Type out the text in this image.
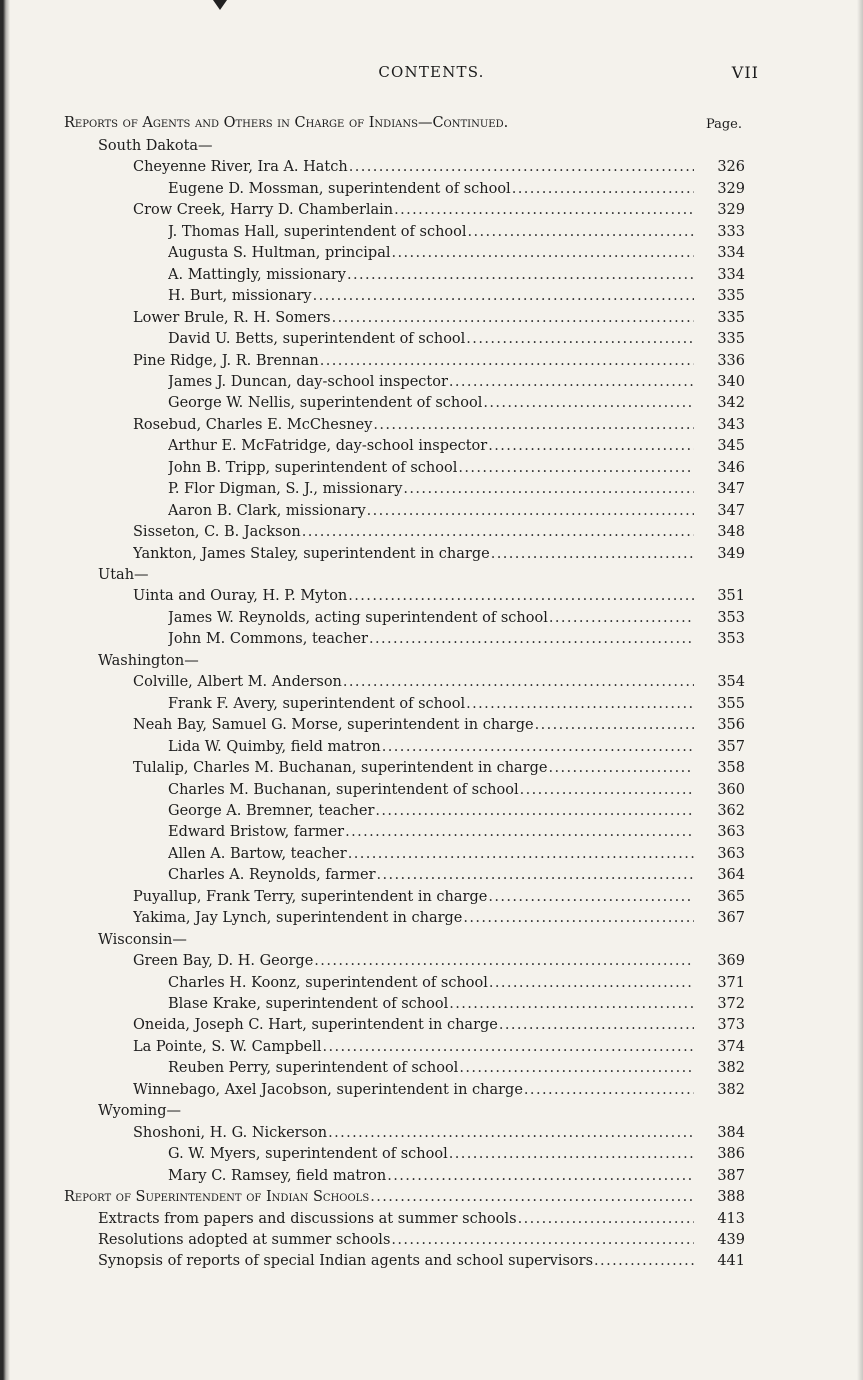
CONTENTS.	VII
Reports of Agents and Others in Charge of Indians—Continued.	Page.
South Dakota—
Cheyenne River, Ira A. Hatch .....	326
Eugene D. Mossman, superintendent of school .....	329
Crow Creek, Harry D. Chamberlain .....	329
J. Thomas Hall, superintendent of school .....	333
Augusta S. Hultman, principal .....	334
A. Mattingly, missionary .....	334
H. Burt, missionary .....	335
Lower Brule, R. H. Somers .....	335
David U. Betts, superintendent of school .....	335
Pine Ridge, J. R. Brennan .....	336
James J. Duncan, day-school inspector .....	340
George W. Nellis, superintendent of school .....	342
Rosebud, Charles E. McChesney .....	343
Arthur E. McFatridge, day-school inspector .....	345
John B. Tripp, superintendent of school .....	346
P. Flor Digman, S. J., missionary .....	347
Aaron B. Clark, missionary .....	347
Sisseton, C. B. Jackson .....	348
Yankton, James Staley, superintendent in charge .....	349
Utah—
Uinta and Ouray, H. P. Myton .....	351
James W. Reynolds, acting superintendent of school .....	353
John M. Commons, teacher .....	353
Washington—
Colville, Albert M. Anderson .....	354
Frank F. Avery, superintendent of school .....	355
Neah Bay, Samuel G. Morse, superintendent in charge .....	356
Lida W. Quimby, field matron .....	357
Tulalip, Charles M. Buchanan, superintendent in charge .....	358
Charles M. Buchanan, superintendent of school .....	360
George A. Bremner, teacher .....	362
Edward Bristow, farmer .....	363
Allen A. Bartow, teacher .....	363
Charles A. Reynolds, farmer .....	364
Puyallup, Frank Terry, superintendent in charge .....	365
Yakima, Jay Lynch, superintendent in charge .....	367
Wisconsin—
Green Bay, D. H. George .....	369
Charles H. Koonz, superintendent of school .....	371
Blase Krake, superintendent of school .....	372
Oneida, Joseph C. Hart, superintendent in charge .....	373
La Pointe, S. W. Campbell .....	374
Reuben Perry, superintendent of school .....	382
Winnebago, Axel Jacobson, superintendent in charge .....	382
Wyoming—
Shoshoni, H. G. Nickerson .....	384
G. W. Myers, superintendent of school .....	386
Mary C. Ramsey, field matron .....	387
Report of Superintendent of Indian Schools .....	388
Extracts from papers and discussions at summer schools .....	413
Resolutions adopted at summer schools .....	439
Synopsis of reports of special Indian agents and school supervisors .....	441
